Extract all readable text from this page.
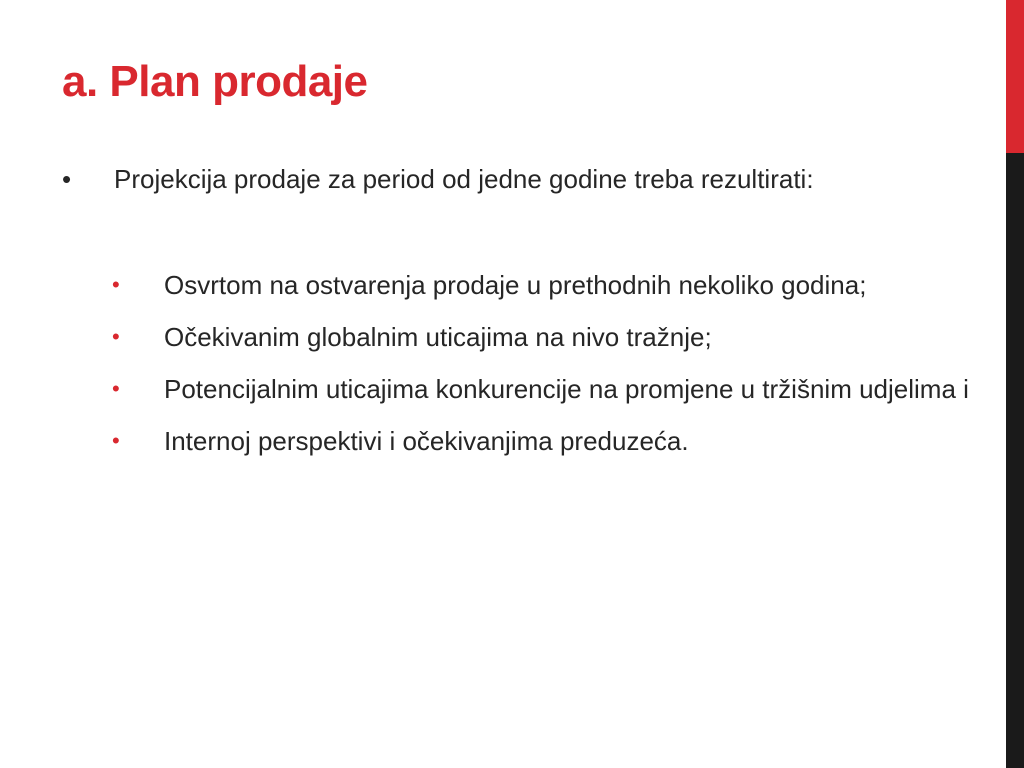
a. Plan prodaje
• Projekcija prodaje za period od jedne godine treba rezultirati:
• Osvrtom na ostvarenja prodaje u prethodnih nekoliko godina;
• Očekivanim globalnim uticajima na nivo tražnje;
• Potencijalnim uticajima konkurencije na promjene u tržišnim udjelima i
• Internoj perspektivi i očekivanjima preduzeća.
